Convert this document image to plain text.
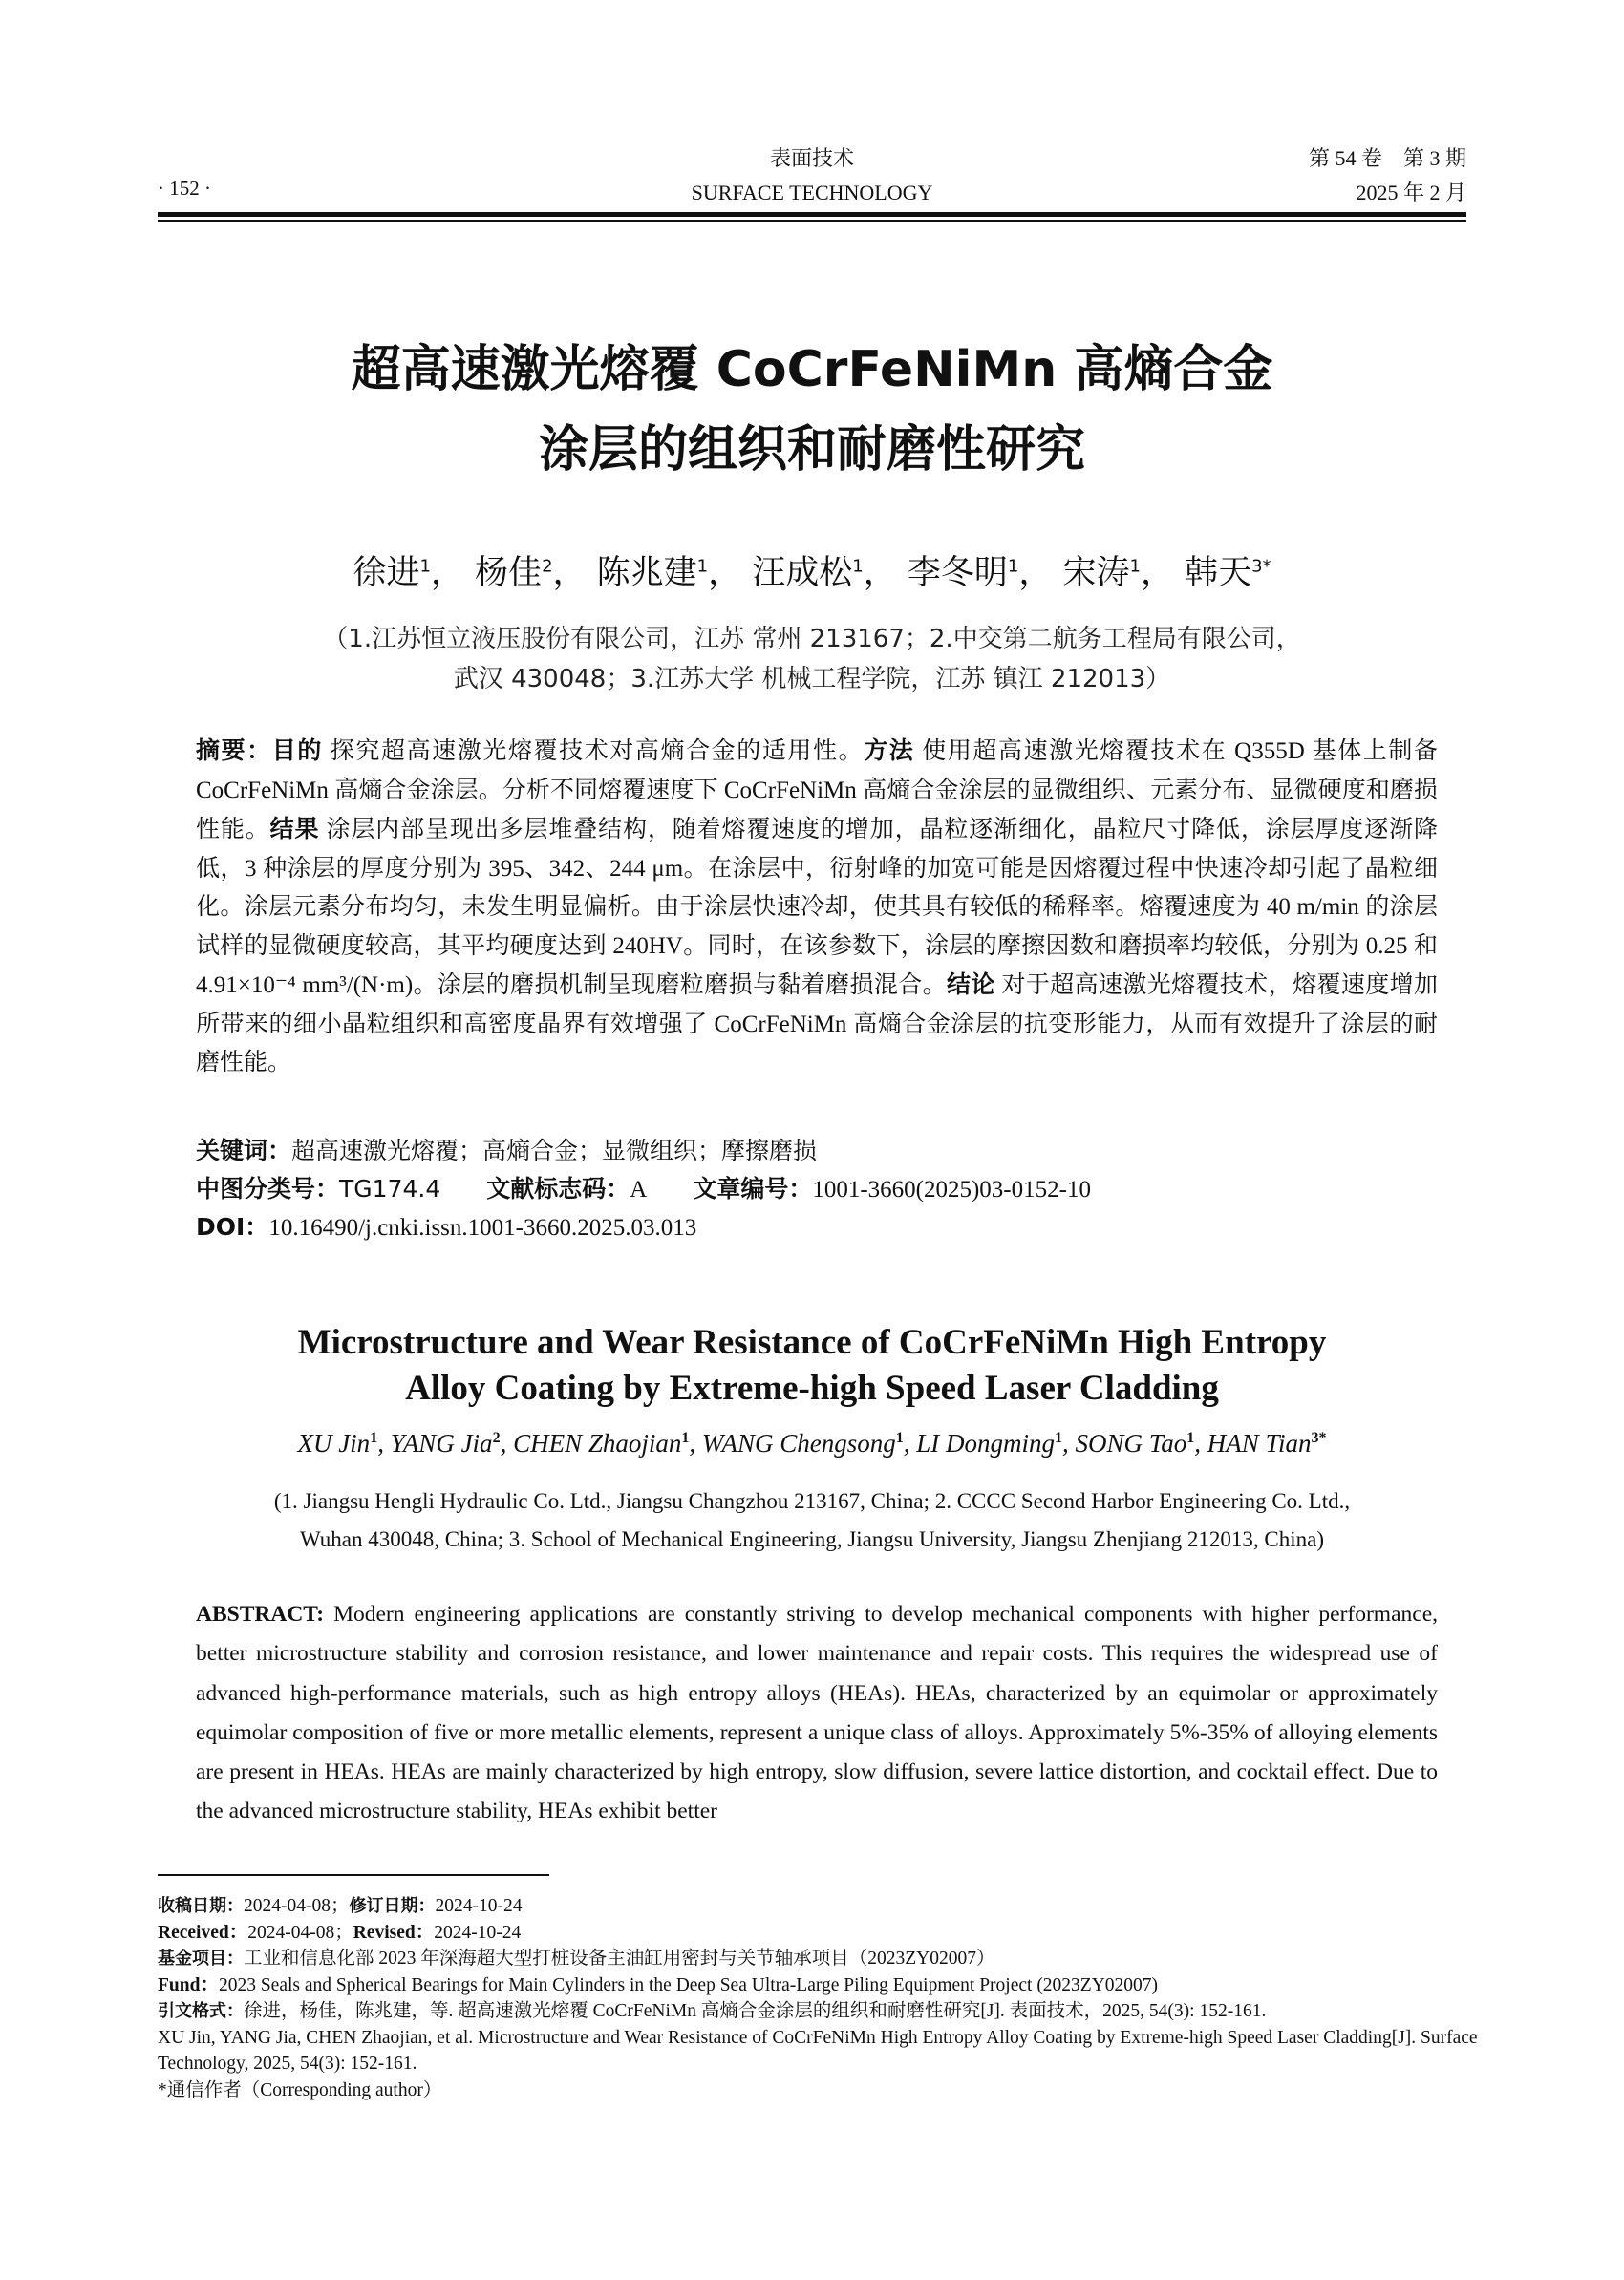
· 152 ·
表面技术
SURFACE TECHNOLOGY
第 54 卷　第 3 期
2025 年 2 月
超高速激光熔覆 CoCrFeNiMn 高熵合金
涂层的组织和耐磨性研究
徐进$^1$， 杨佳$^2$， 陈兆建$^1$， 汪成松$^1$， 李冬明$^1$， 宋涛$^1$， 韩天$^{3*}$
（1.江苏恒立液压股份有限公司，江苏 常州 213167；2.中交第二航务工程局有限公司，
武汉 430048；3.江苏大学 机械工程学院，江苏 镇江 212013）
摘要：目的 探究超高速激光熔覆技术对高熵合金的适用性。方法 使用超高速激光熔覆技术在 Q355D 基体上制备 CoCrFeNiMn 高熵合金涂层。分析不同熔覆速度下 CoCrFeNiMn 高熵合金涂层的显微组织、元素分布、显微硬度和磨损性能。结果 涂层内部呈现出多层堆叠结构，随着熔覆速度的增加，晶粒逐渐细化，晶粒尺寸降低，涂层厚度逐渐降低，3 种涂层的厚度分别为 395、342、244 μm。在涂层中，衍射峰的加宽可能是因熔覆过程中快速冷却引起了晶粒细化。涂层元素分布均匀，未发生明显偏析。由于涂层快速冷却，使其具有较低的稀释率。熔覆速度为 40 m/min 的涂层试样的显微硬度较高，其平均硬度达到 240HV。同时，在该参数下，涂层的摩擦因数和磨损率均较低，分别为 0.25 和 4.91×10⁻⁴ mm³/(N·m)。涂层的磨损机制呈现磨粒磨损与黏着磨损混合。结论 对于超高速激光熔覆技术，熔覆速度增加所带来的细小晶粒组织和高密度晶界有效增强了 CoCrFeNiMn 高熵合金涂层的抗变形能力，从而有效提升了涂层的耐磨性能。
关键词：超高速激光熔覆；高熵合金；显微组织；摩擦磨损
中图分类号：TG174.4 文献标志码：A 文章编号：1001-3660(2025)03-0152-10
DOI：10.16490/j.cnki.issn.1001-3660.2025.03.013
Microstructure and Wear Resistance of CoCrFeNiMn High Entropy
Alloy Coating by Extreme-high Speed Laser Cladding
XU Jin$^1$, YANG Jia$^2$, CHEN Zhaojian$^1$, WANG Chengsong$^1$, LI Dongming$^1$, SONG Tao$^1$, HAN Tian$^{3*}$
(1. Jiangsu Hengli Hydraulic Co. Ltd., Jiangsu Changzhou 213167, China; 2. CCCC Second Harbor Engineering Co. Ltd.,
Wuhan 430048, China; 3. School of Mechanical Engineering, Jiangsu University, Jiangsu Zhenjiang 212013, China)
ABSTRACT: Modern engineering applications are constantly striving to develop mechanical components with higher performance, better microstructure stability and corrosion resistance, and lower maintenance and repair costs. This requires the widespread use of advanced high-performance materials, such as high entropy alloys (HEAs). HEAs, characterized by an equimolar or approximately equimolar composition of five or more metallic elements, represent a unique class of alloys. Approximately 5%-35% of alloying elements are present in HEAs. HEAs are mainly characterized by high entropy, slow diffusion, severe lattice distortion, and cocktail effect. Due to the advanced microstructure stability, HEAs exhibit better

收稿日期：2024-04-08；修订日期：2024-10-24

Received：2024-04-08；Revised：2024-10-24

基金项目：工业和信息化部 2023 年深海超大型打桩设备主油缸用密封与关节轴承项目（2023ZY02007）

Fund：2023 Seals and Spherical Bearings for Main Cylinders in the Deep Sea Ultra-Large Piling Equipment Project (2023ZY02007)

引文格式：徐进，杨佳，陈兆建，等. 超高速激光熔覆 CoCrFeNiMn 高熵合金涂层的组织和耐磨性研究[J]. 表面技术，2025, 54(3): 152-161.

XU Jin, YANG Jia, CHEN Zhaojian, et al. Microstructure and Wear Resistance of CoCrFeNiMn High Entropy Alloy Coating by Extreme-high Speed Laser Cladding[J]. Surface Technology, 2025, 54(3): 152-161.

*通信作者（Corresponding author）
